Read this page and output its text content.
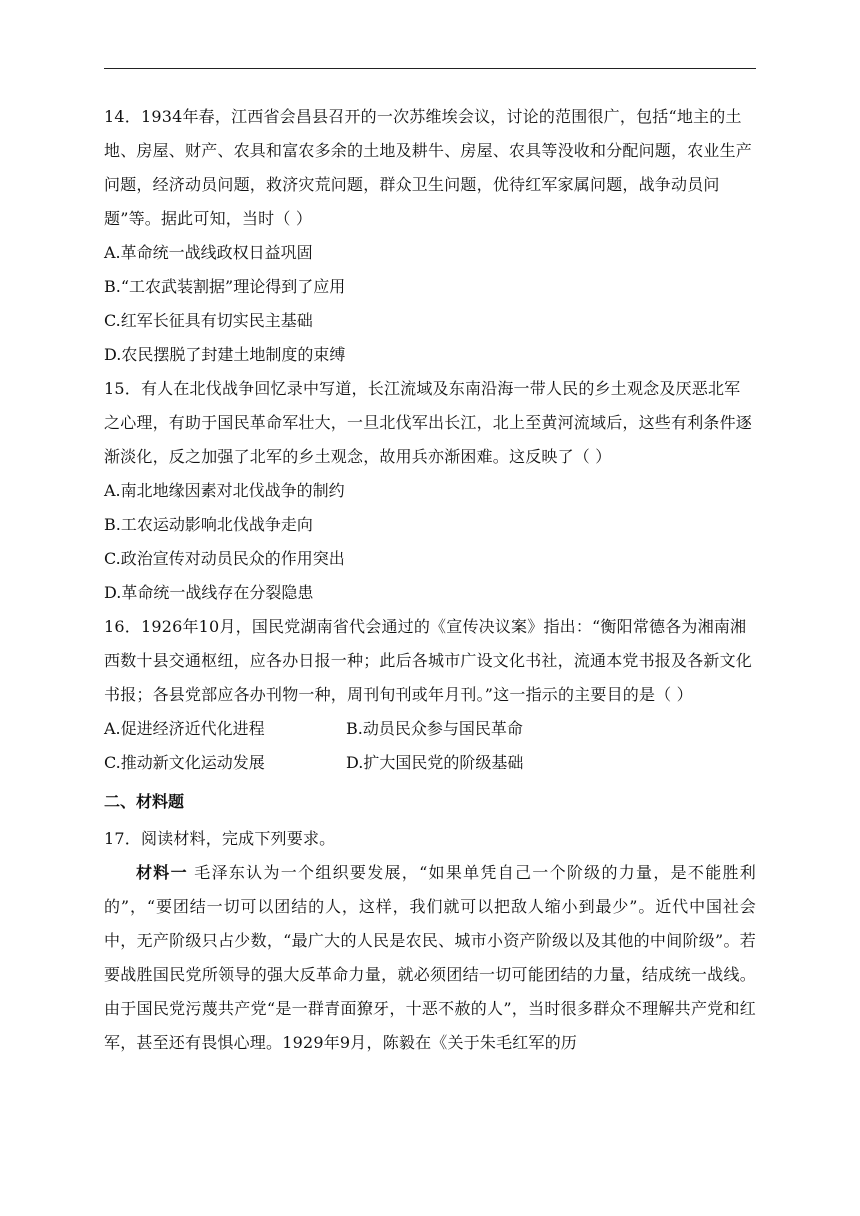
14．1934年春，江西省会昌县召开的一次苏维埃会议，讨论的范围很广，包括“地主的土地、房屋、财产、农具和富农多余的土地及耕牛、房屋、农具等没收和分配问题，农业生产问题，经济动员问题，救济灾荒问题，群众卫生问题，优待红军家属问题，战争动员问题”等。据此可知，当时（ ）

A.革命统一战线政权日益巩固
B.“工农武装割据”理论得到了应用
C.红军长征具有切实民主基础
D.农民摆脱了封建土地制度的束缚

15．有人在北伐战争回忆录中写道，长江流域及东南沿海一带人民的乡土观念及厌恶北军之心理，有助于国民革命军壮大，一旦北伐军出长江，北上至黄河流域后，这些有利条件逐渐淡化，反之加强了北军的乡土观念，故用兵亦渐困难。这反映了（ ）

A.南北地缘因素对北伐战争的制约
B.工农运动影响北伐战争走向
C.政治宣传对动员民众的作用突出
D.革命统一战线存在分裂隐患

16．1926年10月，国民党湖南省代会通过的《宣传决议案》指出：“衡阳常德各为湘南湘西数十县交通枢纽，应各办日报一种；此后各城市广设文化书社，流通本党书报及各新文化书报；各县党部应各办刊物一种，周刊旬刊或年月刊。”这一指示的主要目的是（ ）

A.促进经济近代化进程	B.动员民众参与国民革命
C.推动新文化运动发展	D.扩大国民党的阶级基础
二、材料题

17．阅读材料，完成下列要求。

材料一 毛泽东认为一个组织要发展，“如果单凭自己一个阶级的力量，是不能胜利的”，“要团结一切可以团结的人，这样，我们就可以把敌人缩小到最少”。近代中国社会中，无产阶级只占少数，“最广大的人民是农民、城市小资产阶级以及其他的中间阶级”。若要战胜国民党所领导的强大反革命力量，就必须团结一切可能团结的力量，结成统一战线。由于国民党污蔑共产党“是一群青面獠牙，十恶不赦的人”，当时很多群众不理解共产党和红军，甚至还有畏惧心理。1929年9月，陈毅在《关于朱毛红军的历
